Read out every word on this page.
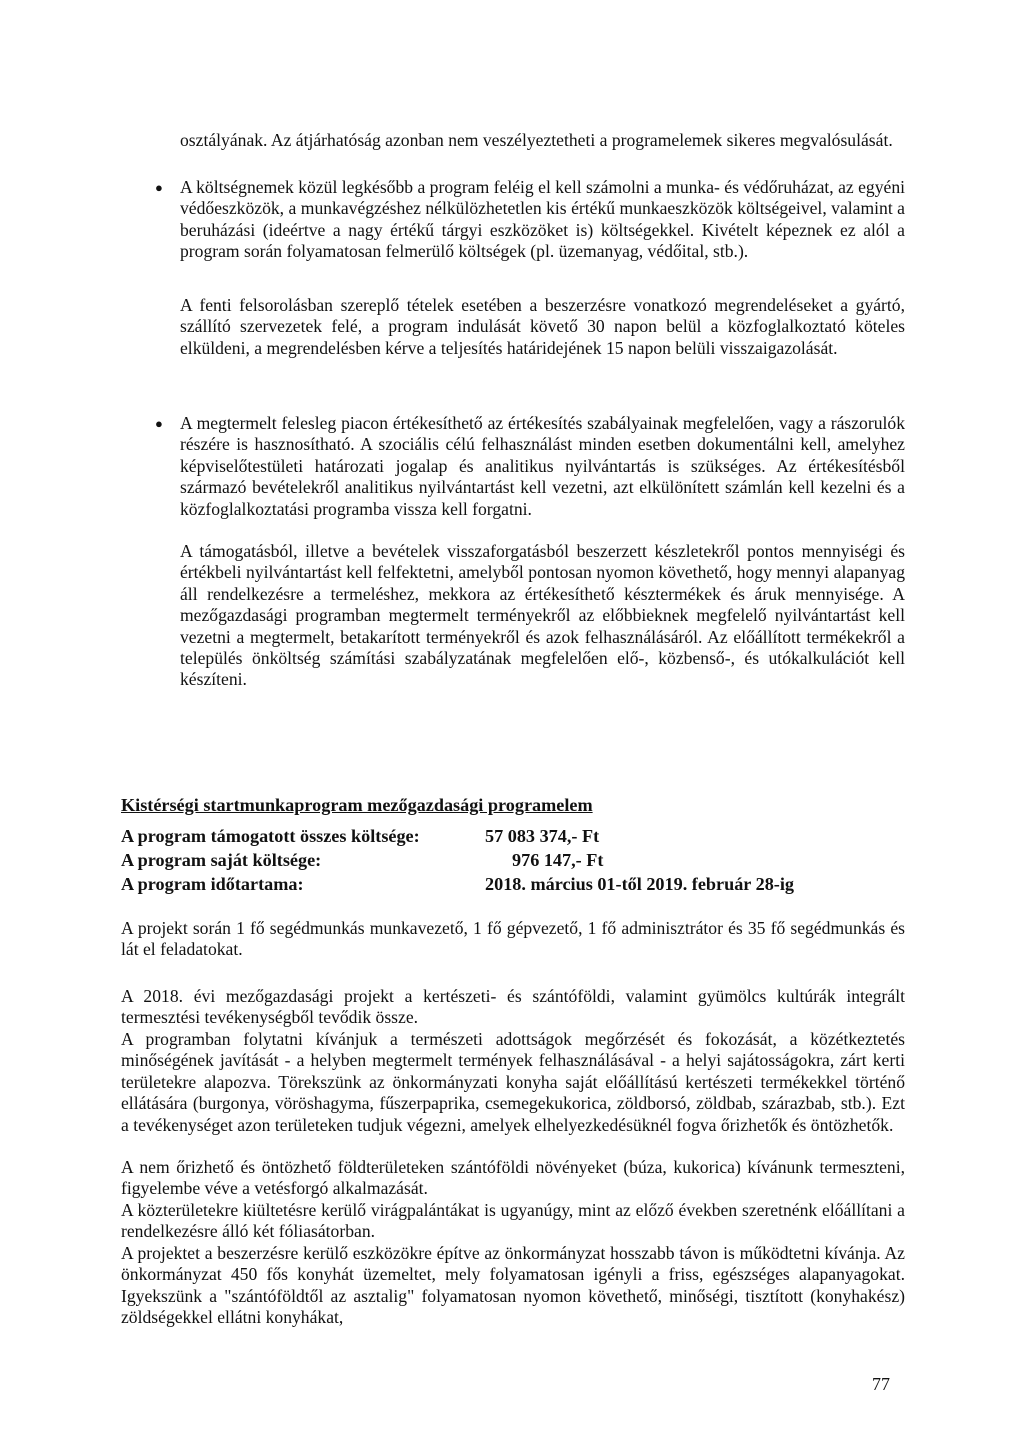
osztályának. Az átjárhatóság azonban nem veszélyeztetheti a programelemek sikeres megvalósulását.

● A költségnemek közül legkésőbb a program feléig el kell számolni a munka- és védőruházat, az egyéni védőeszközök, a munkavégzéshez nélkülözhetetlen kis értékű munkaeszközök költségeivel, valamint a beruházási (ideértve a nagy értékű tárgyi eszközöket is) költségekkel. Kivételt képeznek ez alól a program során folyamatosan felmerülő költségek (pl. üzemanyag, védőital, stb.).

A fenti felsorolásban szereplő tételek esetében a beszerzésre vonatkozó megrendeléseket a gyártó, szállító szervezetek felé, a program indulását követő 30 napon belül a közfoglalkoztató köteles elküldeni, a megrendelésben kérve a teljesítés határidejének 15 napon belüli visszaigazolását.

● A megtermelt felesleg piacon értékesíthető az értékesítés szabályainak megfelelően, vagy a rászorulók részére is hasznosítható. A szociális célú felhasználást minden esetben dokumentálni kell, amelyhez képviselőtestületi határozati jogalap és analitikus nyilvántartás is szükséges. Az értékesítésből származó bevételekről analitikus nyilvántartást kell vezetni, azt elkülönített számlán kell kezelni és a közfoglalkoztatási programba vissza kell forgatni.

A támogatásból, illetve a bevételek visszaforgatásból beszerzett készletekről pontos mennyiségi és értékbeli nyilvántartást kell felfektetni, amelyből pontosan nyomon követhető, hogy mennyi alapanyag áll rendelkezésre a termeléshez, mekkora az értékesíthető késztermékek és áruk mennyisége. A mezőgazdasági programban megtermelt terményekről az előbbieknek megfelelő nyilvántartást kell vezetni a megtermelt, betakarított terményekről és azok felhasználásáról. Az előállított termékekről a település önköltség számítási szabályzatának megfelelően elő-, közbenső-, és utókalkulációt kell készíteni.

Kistérségi startmunkaprogram mezőgazdasági programelem

A program támogatott összes költsége:	57 083 374,- Ft

A program saját költsége:	976 147,- Ft

A program időtartama:	2018. március 01-től 2019. február 28-ig

A projekt során 1 fő segédmunkás munkavezető, 1 fő gépvezető, 1 fő adminisztrátor és 35 fő segédmunkás és lát el feladatokat.

A 2018. évi mezőgazdasági projekt a kertészeti- és szántóföldi, valamint gyümölcs kultúrák integrált termesztési tevékenységből tevődik össze.

A programban folytatni kívánjuk a természeti adottságok megőrzését és fokozását, a közétkeztetés minőségének javítását - a helyben megtermelt termények felhasználásával - a helyi sajátosságokra, zárt kerti területekre alapozva. Törekszünk az önkormányzati konyha saját előállítású kertészeti termékekkel történő ellátására (burgonya, vöröshagyma, fűszerpaprika, csemegekukorica, zöldborsó, zöldbab, szárazbab, stb.). Ezt a tevékenységet azon területeken tudjuk végezni, amelyek elhelyezkedésüknél fogva őrizhetők és öntözhetők.

A nem őrizhető és öntözhető földterületeken szántóföldi növényeket (búza, kukorica) kívánunk termeszteni, figyelembe véve a vetésforgó alkalmazását.

A közterületekre kiültetésre kerülő virágpalántákat is ugyanúgy, mint az előző években szeretnénk előállítani a rendelkezésre álló két fóliasátorban.

A projektet a beszerzésre kerülő eszközökre építve az önkormányzat hosszabb távon is működtetni kívánja. Az önkormányzat 450 fős konyhát üzemeltet, mely folyamatosan igényli a friss, egészséges alapanyagokat. Igyekszünk a "szántóföldtől az asztalig" folyamatosan nyomon követhető, minőségi, tisztított (konyhakész) zöldségekkel ellátni konyhákat,

77
